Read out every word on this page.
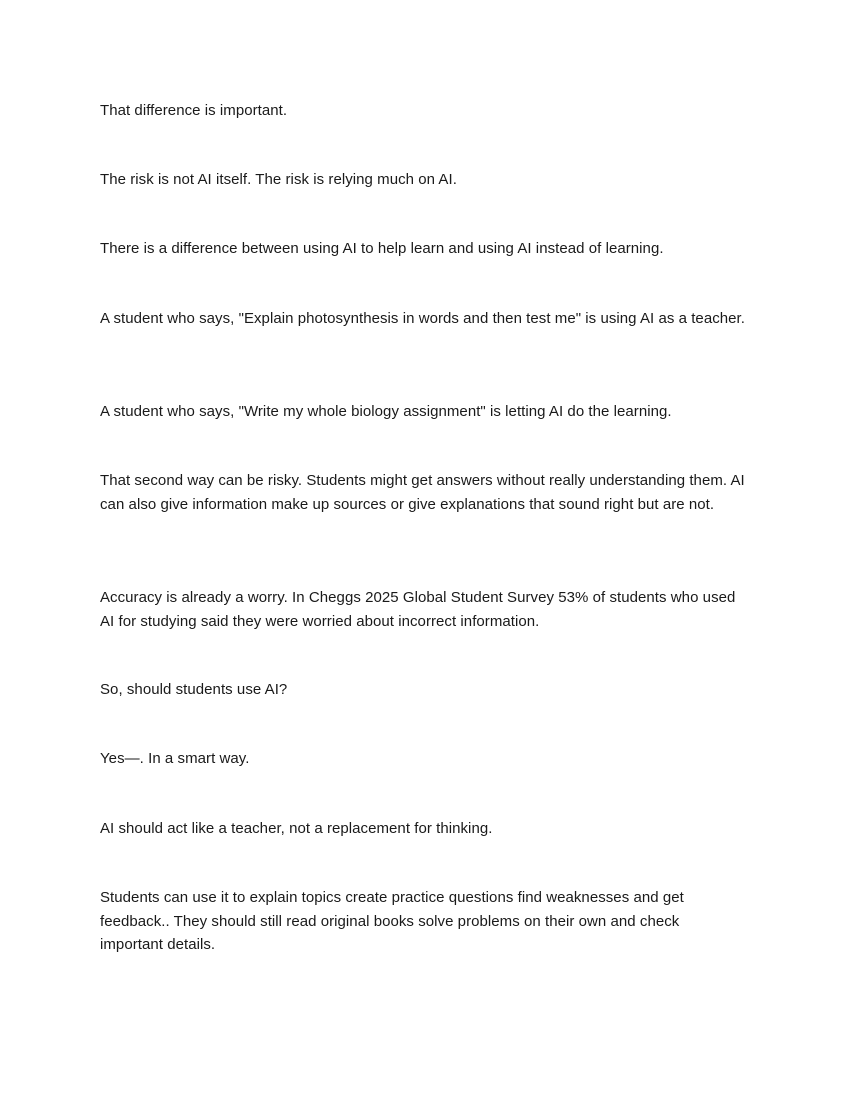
That difference is important.

The risk is not AI itself. The risk is relying much on AI.

There is a difference between using AI to help learn and using AI instead of learning.

A student who says, "Explain photosynthesis in words and then test me" is using AI as a teacher.

A student who says, "Write my whole biology assignment" is letting AI do the learning.

That second way can be risky. Students might get answers without really understanding them. AI can also give information make up sources or give explanations that sound right but are not.

Accuracy is already a worry. In Cheggs 2025 Global Student Survey 53% of students who used AI for studying said they were worried about incorrect information.

So, should students use AI?

Yes—. In a smart way.

AI should act like a teacher, not a replacement for thinking.

Students can use it to explain topics create practice questions find weaknesses and get feedback.. They should still read original books solve problems on their own and check important details.
